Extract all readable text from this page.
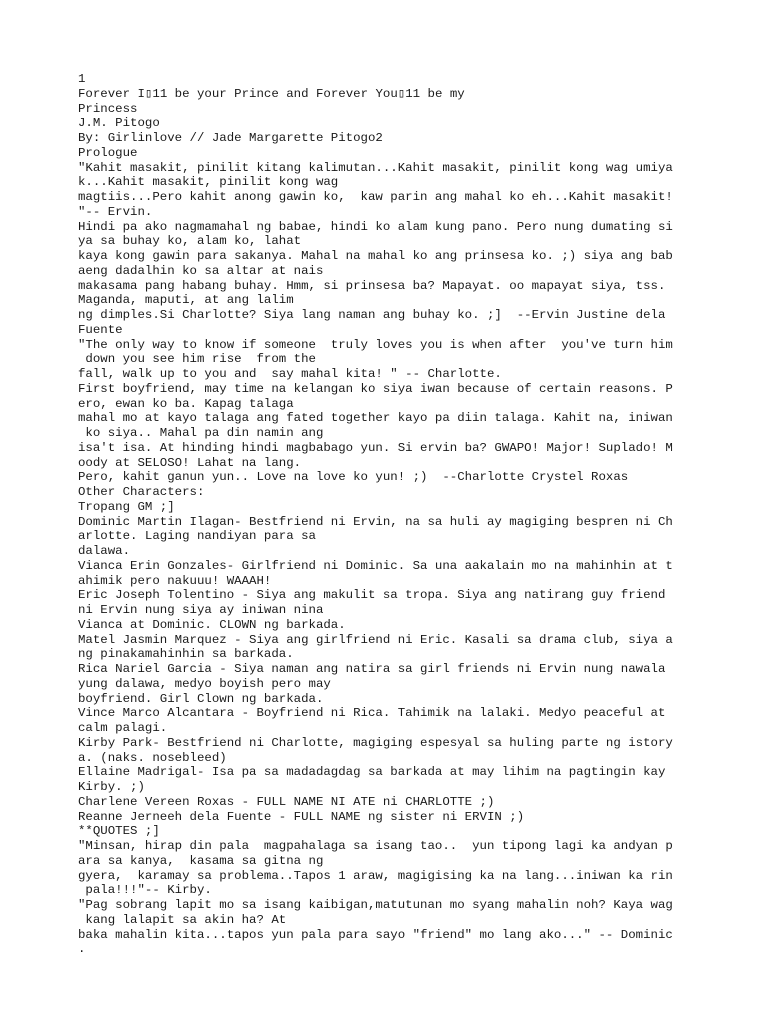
1
Forever I▯11 be your Prince and Forever You▯11 be my
Princess
J.M. Pitogo
By: Girlinlove // Jade Margarette Pitogo2
Prologue
"Kahit masakit, pinilit kitang kalimutan...Kahit masakit, pinilit kong wag umiya
k...Kahit masakit, pinilit kong wag
magtiis...Pero kahit anong gawin ko,  kaw parin ang mahal ko eh...Kahit masakit!
"-- Ervin.
Hindi pa ako nagmamahal ng babae, hindi ko alam kung pano. Pero nung dumating si
ya sa buhay ko, alam ko, lahat
kaya kong gawin para sakanya. Mahal na mahal ko ang prinsesa ko. ;) siya ang bab
aeng dadalhin ko sa altar at nais
makasama pang habang buhay. Hmm, si prinsesa ba? Mapayat. oo mapayat siya, tss.
Maganda, maputi, at ang lalim
ng dimples.Si Charlotte? Siya lang naman ang buhay ko. ;]  --Ervin Justine dela
Fuente
"The only way to know if someone  truly loves you is when after  you've turn him
down you see him rise  from the
fall, walk up to you and  say mahal kita! " -- Charlotte.
First boyfriend, may time na kelangan ko siya iwan because of certain reasons. P
ero, ewan ko ba. Kapag talaga
mahal mo at kayo talaga ang fated together kayo pa diin talaga. Kahit na, iniwan
ko siya.. Mahal pa din namin ang
isa't isa. At hinding hindi magbabago yun. Si ervin ba? GWAPO! Major! Suplado! M
oody at SELOSO! Lahat na lang.
Pero, kahit ganun yun.. Love na love ko yun! ;)  --Charlotte Crystel Roxas
Other Characters:
Tropang GM ;]
Dominic Martin Ilagan- Bestfriend ni Ervin, na sa huli ay magiging bespren ni Ch
arlotte. Laging nandiyan para sa
dalawa.
Vianca Erin Gonzales- Girlfriend ni Dominic. Sa una aakalain mo na mahinhin at t
ahimik pero nakuuu! WAAAH!
Eric Joseph Tolentino - Siya ang makulit sa tropa. Siya ang natirang guy friend
ni Ervin nung siya ay iniwan nina
Vianca at Dominic. CLOWN ng barkada.
Matel Jasmin Marquez - Siya ang girlfriend ni Eric. Kasali sa drama club, siya a
ng pinakamahinhin sa barkada.
Rica Nariel Garcia - Siya naman ang natira sa girl friends ni Ervin nung nawala
yung dalawa, medyo boyish pero may
boyfriend. Girl Clown ng barkada.
Vince Marco Alcantara - Boyfriend ni Rica. Tahimik na lalaki. Medyo peaceful at
calm palagi.
Kirby Park- Bestfriend ni Charlotte, magiging espesyal sa huling parte ng istory
a. (naks. nosebleed)
Ellaine Madrigal- Isa pa sa madadagdag sa barkada at may lihim na pagtingin kay
Kirby. ;)
Charlene Vereen Roxas - FULL NAME NI ATE ni CHARLOTTE ;)
Reanne Jerneeh dela Fuente - FULL NAME ng sister ni ERVIN ;)
**QUOTES ;]
"Minsan, hirap din pala  magpahalaga sa isang tao..  yun tipong lagi ka andyan p
ara sa kanya,  kasama sa gitna ng
gyera,  karamay sa problema..Tapos 1 araw, magigising ka na lang...iniwan ka rin
pala!!!"-- Kirby.
"Pag sobrang lapit mo sa isang kaibigan,matutunan mo syang mahalin noh? Kaya wag
kang lalapit sa akin ha? At
baka mahalin kita...tapos yun pala para sayo "friend" mo lang ako..." -- Dominic
.
